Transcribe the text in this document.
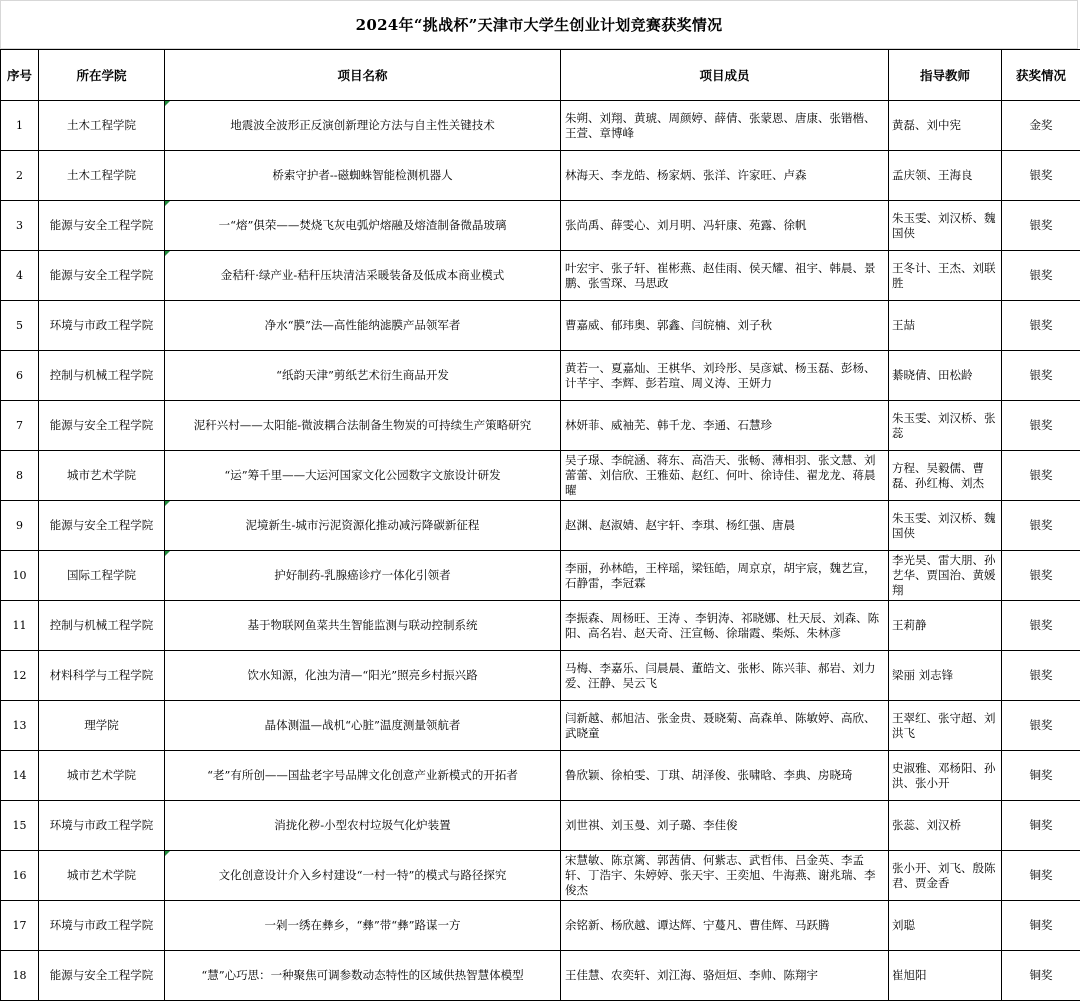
2024年“挑战杯”天津市大学生创业计划竞赛获奖情况
序号	所在学院	项目名称	项目成员	指导教师	获奖情况
1	土木工程学院	地震波全波形正反演创新理论方法与自主性关键技术	朱朔、刘翔、黄琥、周颜婷、薛倩、张蒙恩、唐康、张锴楷、王萱、章博峰	黄磊、刘中宪	金奖
2	土木工程学院	桥索守护者--磁蜘蛛智能检测机器人	林海天、李龙皓、杨家炳、张洋、许家旺、卢森	孟庆领、王海良	银奖
3	能源与安全工程学院	一“熔”俱荣——焚烧飞灰电弧炉熔融及熔渣制备微晶玻璃	张尚禹、薛雯心、刘月明、冯轩康、苑露、徐帆	朱玉雯、刘汉桥、魏国侠	银奖
4	能源与安全工程学院	金秸秆·绿产业-秸秆压块清洁采暖装备及低成本商业模式	叶宏宇、张子轩、崔彬燕、赵佳雨、侯天耀、祖宇、韩晨、景鹏、张雪琛、马思政	王冬计、王杰、刘联胜	银奖
5	环境与市政工程学院	净水“膜”法—高性能纳滤膜产品领军者	曹嘉威、郁玮奥、郭鑫、闫皖楠、刘子秋	王喆	银奖
6	控制与机械工程学院	“纸韵天津”剪纸艺术衍生商品开发	黄若一、夏嘉灿、王棋华、刘玲彤、吴彦斌、杨玉磊、彭杨、计芊宇、李辉、彭若瑄、周义涛、王妍力	綦晓倩、田松龄	银奖
7	能源与安全工程学院	泥秆兴村——太阳能-微波耦合法制备生物炭的可持续生产策略研究	林妍菲、威袖芜、韩千龙、李通、石慧珍	朱玉雯、刘汉桥、张蕊	银奖
8	城市艺术学院	“运”筹千里——大运河国家文化公园数字文旅设计研发	吴子璟、李皖涵、蒋东、高浩天、张畅、薄相羽、张文慧、刘蕾蕾、刘信欣、王雅茹、赵红、何叶、徐诗佳、翟龙龙、蒋晨曜	方程、吴毅儒、曹磊、孙红梅、刘杰	银奖
9	能源与安全工程学院	泥境新生-城市污泥资源化推动减污降碳新征程	赵渊、赵淑婧、赵宇轩、李琪、杨红强、唐晨	朱玉雯、刘汉桥、魏国侠	银奖
10	国际工程学院	护好制药-乳腺癌诊疗一体化引领者	李丽，孙林皓，王梓瑶，梁钰皓，周京京，胡宇宸，魏艺宣，石静雷，李冠霖	李光昊、雷大朋、孙艺华、贾国治、黄媛翔	银奖
11	控制与机械工程学院	基于物联网鱼菜共生智能监测与联动控制系统	李振森、周杨旺、王涛 、李钥涛、祁晓娜、杜天辰、刘森、陈阳、高名岩、赵天奇、汪宣畅、徐瑞霞、柴烁、朱林彦	王莉静	银奖
12	材料科学与工程学院	饮水知源，化浊为清—“阳光”照亮乡村振兴路	马梅、李嘉乐、闫晨晨、董皓文、张彬、陈兴菲、郝岩、刘力爱、汪静、吴云飞	梁丽 刘志锋	银奖
13	理学院	晶体测温—战机“心脏”温度测量领航者	闫新越、郝旭洁、张金贵、聂晓菊、高森单、陈敏婷、高欣、武晓童	王翠红、张守超、刘洪飞	银奖
14	城市艺术学院	“老”有所创——国盐老字号品牌文化创意产业新模式的开拓者	鲁欣颖、徐柏雯、丁琪、胡泽俊、张啸晗、李典、房晓琦	史淑雅、邓杨阳、孙洪、张小开	铜奖
15	环境与市政工程学院	消拢化秽-小型农村垃圾气化炉装置	刘世祺、刘玉曼、刘子璐、李佳俊	张蕊、刘汉桥	铜奖
16	城市艺术学院	文化创意设计介入乡村建设“一村一特”的模式与路径探究	宋慧敏、陈京篱、郭茜倩、何紫志、武哲伟、吕金英、李孟轩、丁浩宇、朱婷婷、张天宇、王奕旭、牛海燕、谢兆瑞、李俊杰	张小开、刘飞、殷陈君、贾金香	铜奖
17	环境与市政工程学院	一剁一绣在彝乡，“彝”带“彝”路谋一方	余铭新、杨欣越、谭达辉、宁蔓凡、曹佳辉、马跃腾	刘聪	铜奖
18	能源与安全工程学院	“慧”心巧思：一种聚焦可调参数动态特性的区域供热智慧体模型	王佳慧、农奕轩、刘江海、骆烜烜、李帅、陈翔宇	崔旭阳	铜奖
